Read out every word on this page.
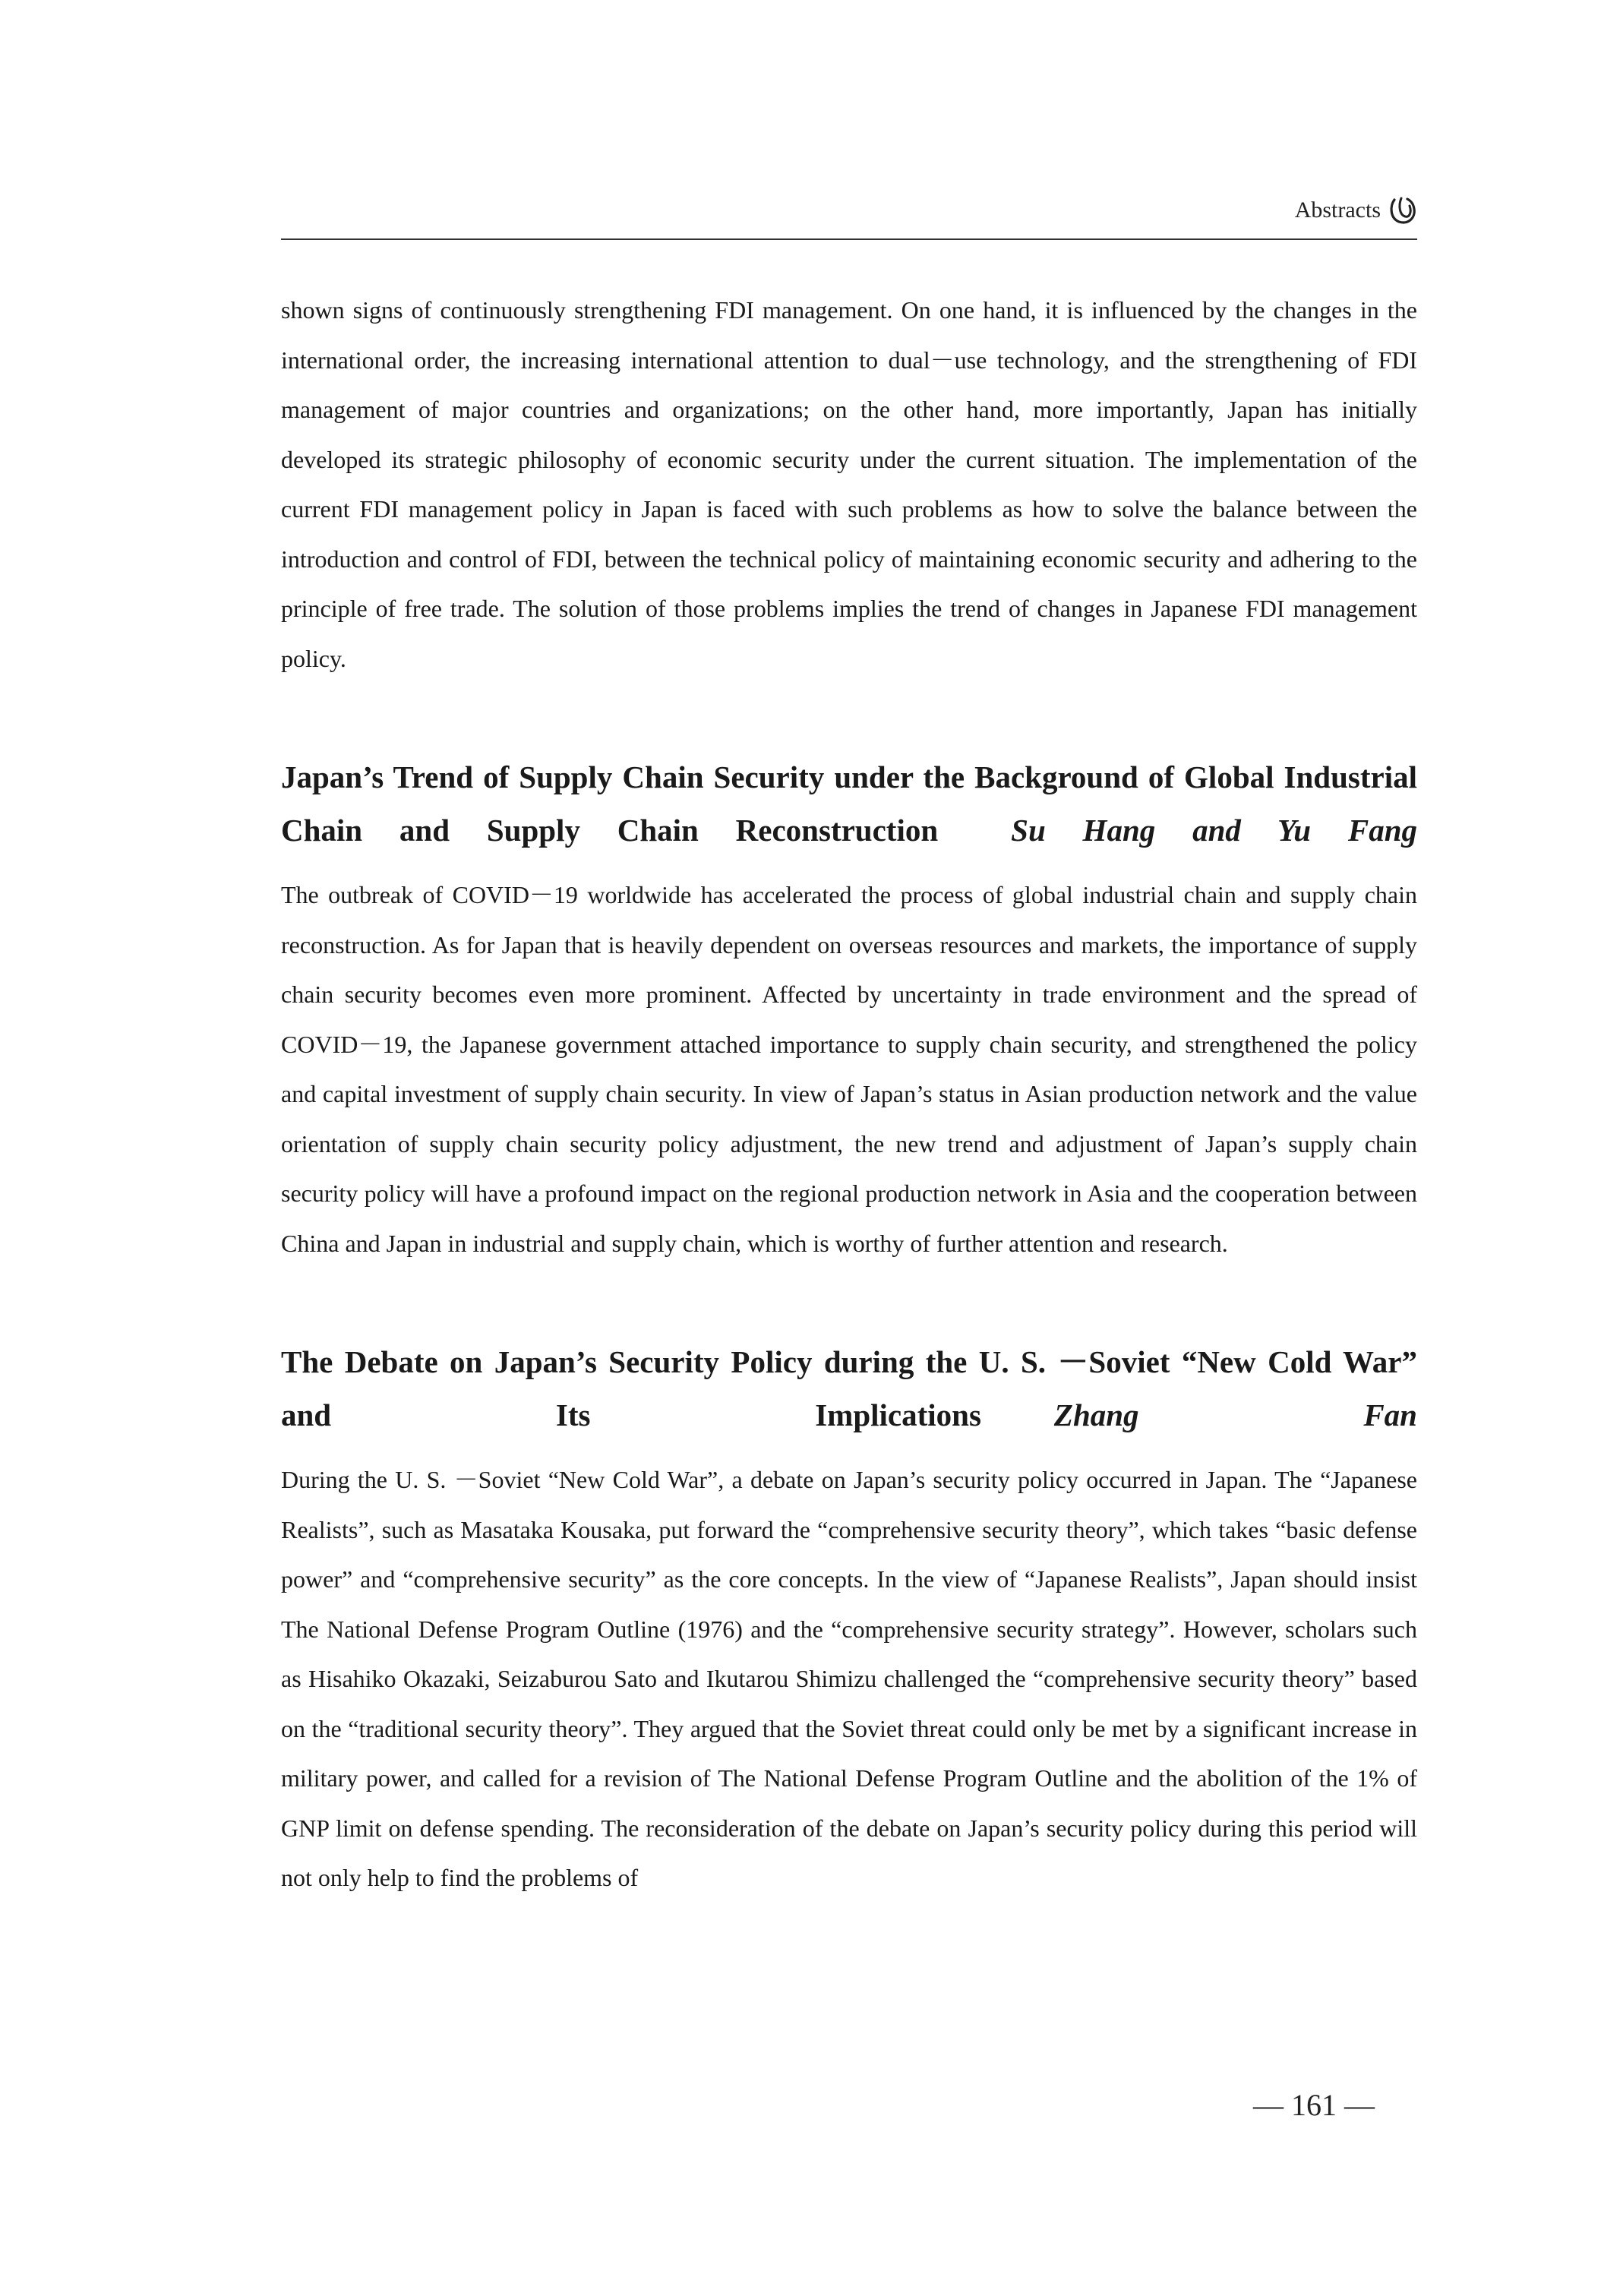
Abstracts

shown signs of continuously strengthening FDI management. On one hand, it is influenced by the changes in the international order, the increasing international attention to dual－use technology, and the strengthening of FDI management of major countries and organizations; on the other hand, more importantly, Japan has initially developed its strategic philosophy of economic security under the current situation. The implementation of the current FDI management policy in Japan is faced with such problems as how to solve the balance between the introduction and control of FDI, between the technical policy of maintaining economic security and adhering to the principle of free trade. The solution of those problems implies the trend of changes in Japanese FDI management policy.

Japan’s Trend of Supply Chain Security under the Background of Global Industrial Chain and Supply Chain Reconstruction Su Hang and Yu Fang

The outbreak of COVID－19 worldwide has accelerated the process of global industrial chain and supply chain reconstruction. As for Japan that is heavily dependent on overseas resources and markets, the importance of supply chain security becomes even more prominent. Affected by uncertainty in trade environment and the spread of COVID－19, the Japanese government attached importance to supply chain security, and strengthened the policy and capital investment of supply chain security. In view of Japan’s status in Asian production network and the value orientation of supply chain security policy adjustment, the new trend and adjustment of Japan’s supply chain security policy will have a profound impact on the regional production network in Asia and the cooperation between China and Japan in industrial and supply chain, which is worthy of further attention and research.

The Debate on Japan’s Security Policy during the U. S. －Soviet “New Cold War” and Its Implications Zhang Fan

During the U. S. －Soviet “New Cold War”, a debate on Japan’s security policy occurred in Japan. The “Japanese Realists”, such as Masataka Kousaka, put forward the “comprehensive security theory”, which takes “basic defense power” and “comprehensive security” as the core concepts. In the view of “Japanese Realists”, Japan should insist The National Defense Program Outline (1976) and the “comprehensive security strategy”. However, scholars such as Hisahiko Okazaki, Seizaburou Sato and Ikutarou Shimizu challenged the “comprehensive security theory” based on the “traditional security theory”. They argued that the Soviet threat could only be met by a significant increase in military power, and called for a revision of The National Defense Program Outline and the abolition of the 1% of GNP limit on defense spending. The reconsideration of the debate on Japan’s security policy during this period will not only help to find the problems of

— 161 —
